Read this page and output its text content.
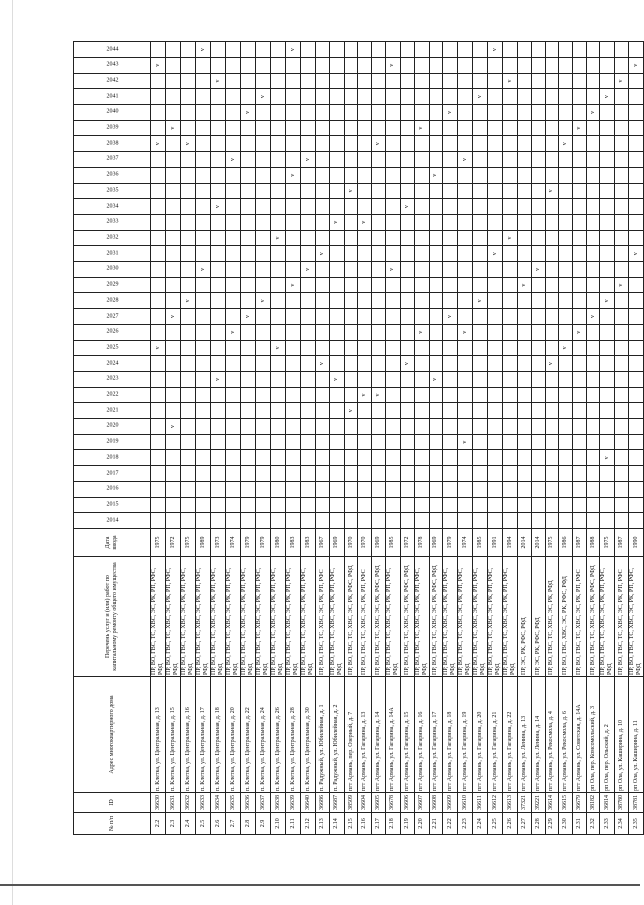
№ п/п	ID	Адрес многоквартирного дома	Перечень услуг и (или) работ по капитальному ремонту общего имущества	Дата ввода	2014	2015	2016	2017	2018	2019	2020	2021	2022	2023	2024	2025	2026	2027	2028	2029	2030	2031	2032	2033	2034	2035	2036	2037	2038	2039	2040	2041	2042	2043	2044
2.2	36630	п. Клетка, ул. Центральная, д. 13	ПР, ВО, ГВС, ТС, ХВС, ЭС, РК, РП, РФС, РФД	1975												v													v					v	
2.3	36631	п. Клетка, ул. Центральная, д. 15	ПР, ВО, ГВС, ТС, ХВС, ЭС, РК, РП, РФС, РФД	1972							v							v												v					
2.4	36632	п. Клетка, ул. Центральная, д. 16	ПР, ВО, ГВС, ТС, ХВС, ЭС, РК, РП, РФС, РФД	1975															v										v						
2.5	36633	п. Клетка, ул. Центральная, д. 17	ПР, ВО, ГВС, ТС, ХВС, ЭС, РК, РП, РФС, РФД	1989																	v														v
2.6	36634	п. Клетка, ул. Центральная, д. 18	ПР, ВО, ГВС, ТС, ХВС, ЭС, РК, РП, РФС, РФД	1973										v											v								v		
2.7	36635	п. Клетка, ул. Центральная, д. 20	ПР, ВО, ГВС, ТС, ХВС, ЭС, РК, РП, РФС, РФД	1974													v											v							
2.8	36636	п. Клетка, ул. Центральная, д. 22	ПР, ВО, ГВС, ТС, ХВС, ЭС, РК, РП, РФС, РФД	1979														v													v				
2.9	36637	п. Клетка, ул. Центральная, д. 24	ПР, ВО, ГВС, ТС, ХВС, ЭС, РК, РП, РФС, РФД	1979															v													v			
2.10	36638	п. Клетка, ул. Центральная, д. 26	ПР, ВО, ГВС, ТС, ХВС, ЭС, РК, РП, РФС, РФД	1980												v							v												
2.11	36639	п. Клетка, ул. Центральная, д. 28	ПР, ВО, ГВС, ТС, ХВС, ЭС, РК, РП, РФС, РФД	1983																v							v								v
2.12	36640	п. Клетка, ул. Центральная, д. 30	ПР, ВО, ГВС, ТС, ХВС, ЭС, РК, РП, РФС, РФД	1983																	v							v							
2.13	36686	п. Радужный, ул. Юбилейная, д. 1	ПР, ВО, ГВС, ТС, ХВС, ЭС, РК, РП, РФС	1967											v							v													
2.14	36687	п. Радужный, ул. Юбилейная, д. 2	ПР, ВО, ГВС, ТС, ХВС, ЭС, РК, РП, РФС, РФД	1969										v										v											
2.15	38509	пгт Армань, пер. Озерный, д. 7	ПР, ВО, ГВС, ТС, ХВС, ЭС, РК, РФС, РФД	1970								v														v									
2.16	36604	пгт Армань, ул. Гагарина, д. 13	ПР, ВО, ГВС, ТС, ХВС, ЭС, РК, РП, РФС	1970									v											v											
2.17	36605	пгт Армань, ул. Гагарина, д. 14	ПР, ВО, ГВС, ТС, ХВС, ЭС, РК, РФС, РФД	1969									v																v						
2.18	36678	пгт Армань, ул. Гагарина, д. 14А	ПР, ВО, ГВС, ТС, ХВС, ЭС, РК, РП, РФС, РФД	1985																	v													v	
2.19	36606	пгт Армань, ул. Гагарина, д. 15	ПР, ВО, ГВС, ТС, ХВС, ЭС, РК, РФС, РФД	1972											v										v										
2.20	36607	пгт Армань, ул. Гагарина, д. 16	ПР, ВО, ГВС, ТС, ХВС, ЭС, РК, РП, РФС, РФД	1978													v													v					
2.21	36608	пгт Армань, ул. Гагарина, д. 17	ПР, ВО, ГВС, ТС, ХВС, ЭС, РК, РФС, РФД	1969										v													v								
2.22	36609	пгт Армань, ул. Гагарина, д. 18	ПР, ВО, ГВС, ТС, ХВС, ЭС, РК, РП, РФС, РФД	1979														v													v				
2.23	36610	пгт Армань, ул. Гагарина, д. 19	ПР, ВО, ГВС, ТС, ХВС, ЭС, РК, РП, РФС, РФД	1974						v							v											v							
2.24	36611	пгт Армань, ул. Гагарина, д. 20	ПР, ВО, ГВС, ТС, ХВС, ЭС, РК, РП, РФС, РФД	1985															v													v			
2.25	36612	пгт Армань, ул. Гагарина, д. 21	ПР, ВО, ГВС, ТС, ХВС, ЭС, РК, РП, РФС, РФД	1991																		v													v
2.26	36613	пгт Армань, ул. Гагарина, д. 22	ПР, ВО, ГВС, ТС, ХВС, ЭС, РК, РП, РФС, РФД	1994																			v										v		
2.27	37321	пгт Армань, ул. Ленина, д. 13	ПР, ЭС, РК, РФС, РФД	2014																v															
2.28	39221	пгт Армань, ул. Ленина, д. 14	ПР, ЭС, РК, РФС, РФД	2014																	v														
2.29	36614	пгт Армань, ул. Рекосмола, д. 4	ПР, ВО, ГВС, ТС, ХВС, ЭС, РК, РФД	1975											v											v									
2.30	36615	пгт Армань, ул. Рекосмола, д. 6	ПР, ВО, ГВС, ХВС, ЭС, РК, РФС, РФД	1986												v													v						
2.31	36679	пгт Армань, ул. Советская, д. 14А	ПР, ВО, ГВС, ТС, ХВС, ЭС, РК, РП, РФС	1987													v													v					
2.32	38182	рп Ола, пер. Комсомольский, д. 3	ПР, ВО, ГВС, ТС, ХВС, ЭС, РК, РФС, РФД	1988														v													v				
2.33	36814	рп Ола, пер. Ольский, д. 2	ПР, ВО, ГВС, ТС, ХВС, ЭС, РК, РП, РФС, РФД	1975					v										v													v			
2.34	38780	рп Ола, ул. Каширина, д. 10	ПР, ВО, ГВС, ТС, ХВС, ЭС, РК, РП, РФС	1987																v													v		
2.35	38781	рп Ола, ул. Каширина, д. 11	ПР, ВО, ГВС, ТС, ХВС, ЭС, РК, РП, РФС, РФД	1990																		v												v	
